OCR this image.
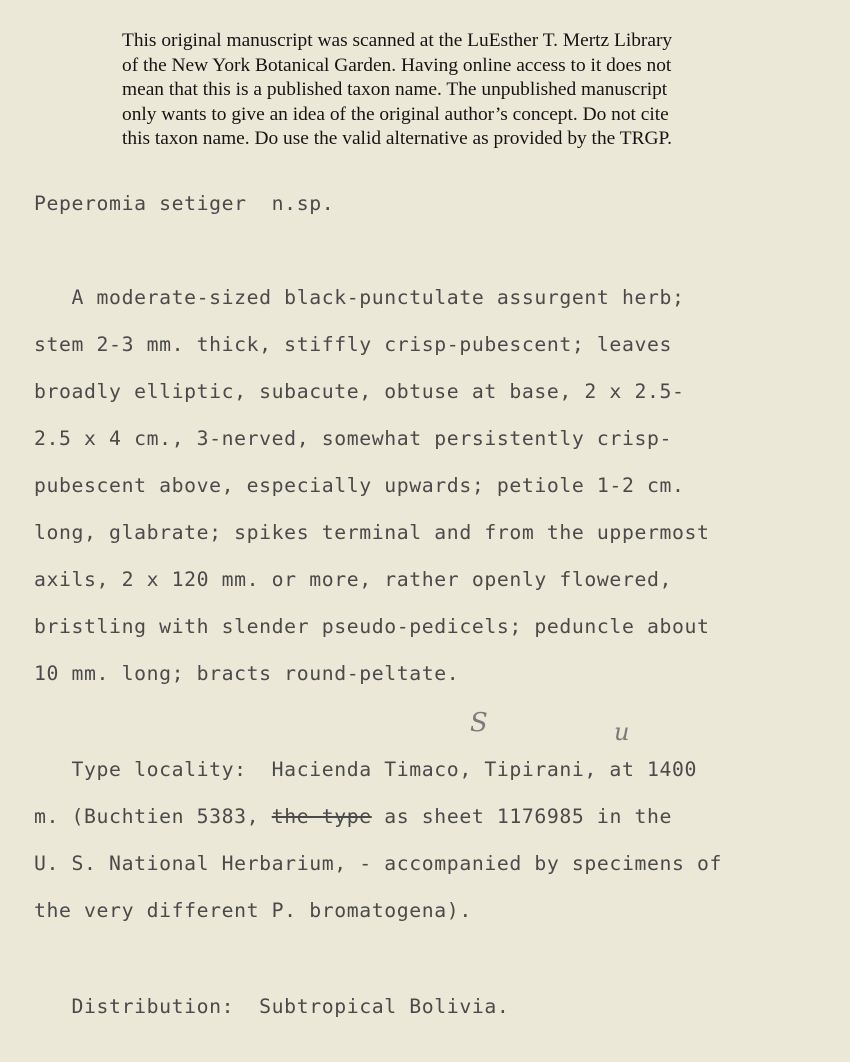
This original manuscript was scanned at the LuEsther T. Mertz Library
of the New York Botanical Garden. Having online access to it does not
mean that this is a published taxon name. The unpublished manuscript
only wants to give an idea of the original author’s concept. Do not cite
this taxon name. Do use the valid alternative as provided by the TRGP.
Peperomia setiger  n.sp.
A moderate-sized black-punctulate assurgent herb;
stem 2-3 mm. thick, stiffly crisp-pubescent; leaves
broadly elliptic, subacute, obtuse at base, 2 x 2.5-
2.5 x 4 cm., 3-nerved, somewhat persistently crisp-
pubescent above, especially upwards; petiole 1-2 cm.
long, glabrate; spikes terminal and from the uppermost
axils, 2 x 120 mm. or more, rather openly flowered,
bristling with slender pseudo-pedicels; peduncle about
10 mm. long; bracts round-peltate.
S	u
Type locality:  Hacienda Timaco, Tipirani, at 1400
m. (Buchtien 5383, the type as sheet 1176985 in the
U. S. National Herbarium, - accompanied by specimens of
the very different P. bromatogena).
Distribution:  Subtropical Bolivia.
